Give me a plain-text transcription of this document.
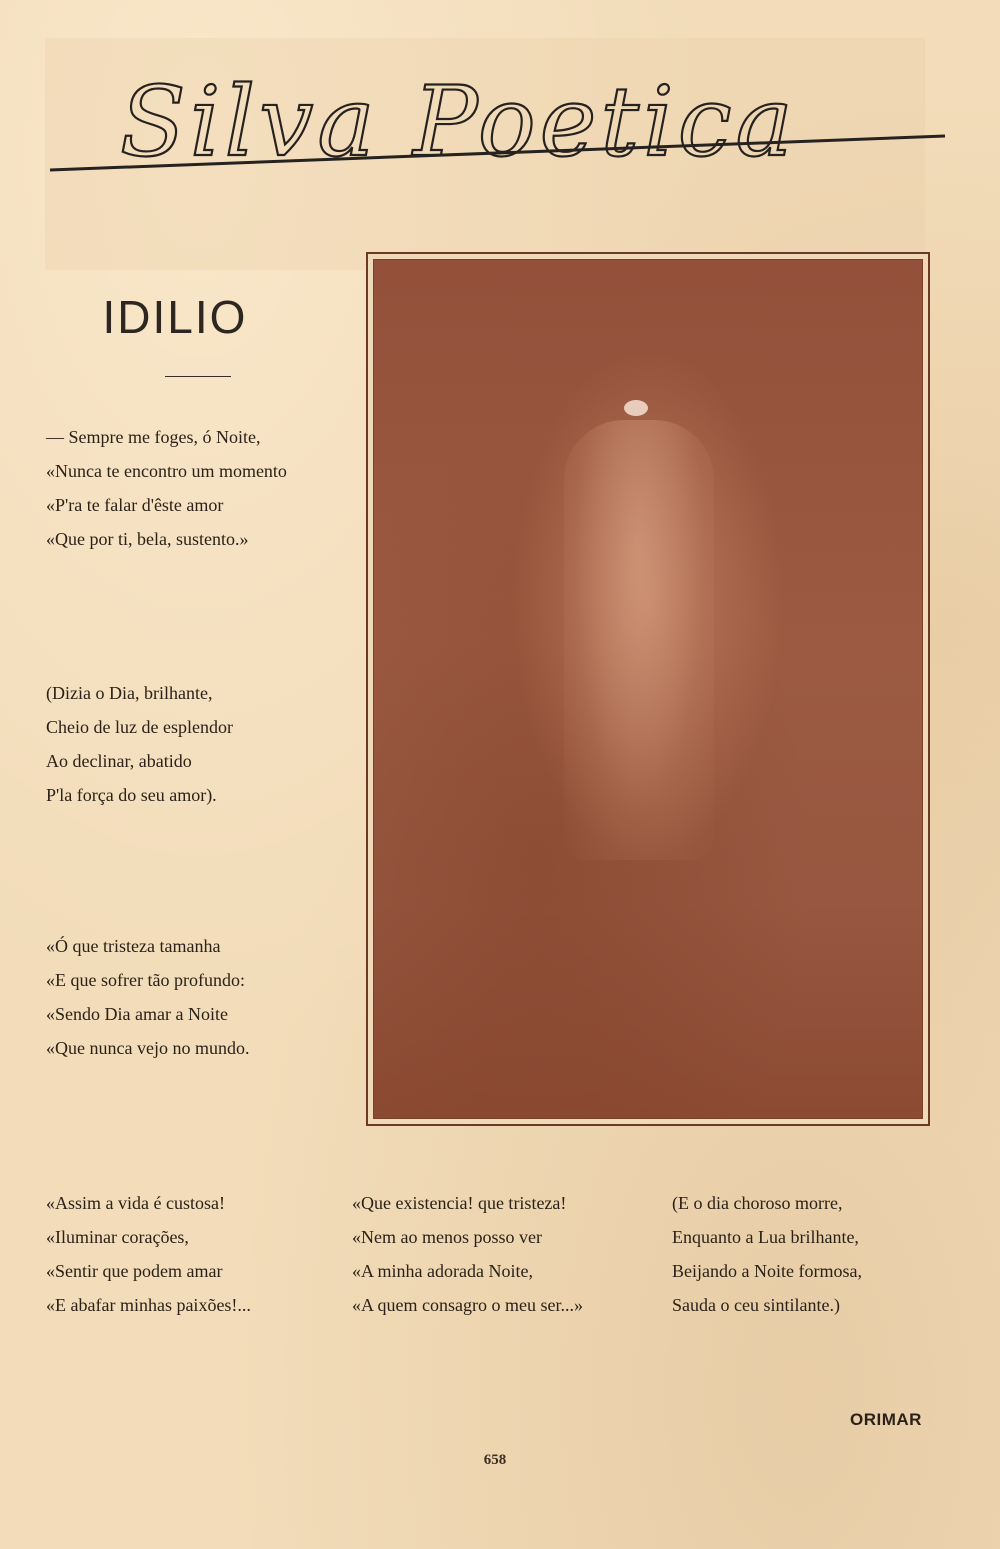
Silva Poetica
IDILIO
— Sempre me foges, ó Noite,
«Nunca te encontro um momento
«P'ra te falar d'êste amor
«Que por ti, bela, sustento.»
(Dizia o Dia, brilhante,
Cheio de luz de esplendor
Ao declinar, abatido
P'la força do seu amor).
«Ó que tristeza tamanha
«E que sofrer tão profundo:
«Sendo Dia amar a Noite
«Que nunca vejo no mundo.
«Assim a vida é custosa!
«Iluminar corações,
«Sentir que podem amar
«E abafar minhas paixões!...
«Que existencia! que tristeza!
«Nem ao menos posso ver
«A minha adorada Noite,
«A quem consagro o meu ser...»
(E o dia choroso morre,
Enquanto a Lua brilhante,
Beijando a Noite formosa,
Sauda o ceu sintilante.)
ORIMAR
658
